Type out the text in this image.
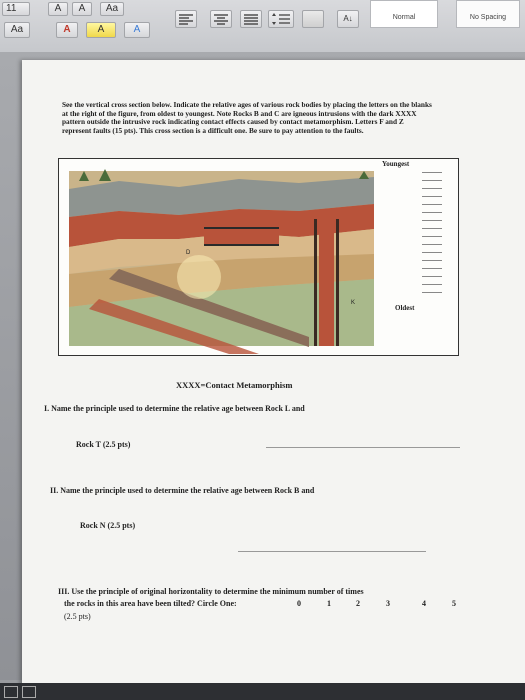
11	A	A	Aa
Aa	A	A	A
A↓	Normal	No Spacing
See the vertical cross section below. Indicate the relative ages of various rock bodies by placing the letters on the blanks at the right of the figure, from oldest to youngest. Note Rocks B and C are igneous intrusions with the dark XXXX pattern outside the intrusive rock indicating contact effects caused by contact metamorphism. Letters F and Z represent faults (15 pts). This cross section is a difficult one. Be sure to pay attention to the faults.
D
K
Youngest
Oldest
XXXX=Contact Metamorphism
I. Name the principle used to determine the relative age between Rock L and
Rock T (2.5 pts)
II. Name the principle used to determine the relative age between Rock B and
Rock N (2.5 pts)
III. Use the principle of original horizontality to determine the minimum number of times
the rocks in this area have been tilted? Circle One:
(2.5 pts)
0	1	2	3	4	5
